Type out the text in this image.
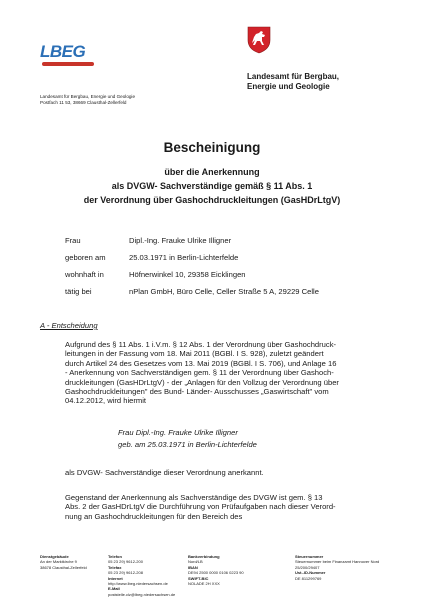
LBEG
Landesamt für Bergbau,
Energie und Geologie
Landesamt für Bergbau, Energie und Geologie
Postfach 11 53, 38669 Clausthal-Zellerfeld
Bescheinigung
über die Anerkennung
als DVGW- Sachverständige gemäß § 11 Abs. 1
der Verordnung über Gashochdruckleitungen (GasHDrLtgV)
Frau	Dipl.-Ing. Frauke Ulrike Illigner
geboren am	25.03.1971 in Berlin-Lichterfelde
wohnhaft in	Höfnerwinkel 10, 29358 Eicklingen
tätig bei	nPlan GmbH, Büro Celle, Celler Straße 5 A, 29229 Celle
A - Entscheidung
Aufgrund des § 11 Abs. 1 i.V.m. § 12 Abs. 1 der Verordnung über Gashochdruck-
leitungen in der Fassung vom 18. Mai 2011 (BGBl. I S. 928), zuletzt geändert
durch Artikel 24 des Gesetzes vom 13. Mai 2019 (BGBl. I S. 706), und Anlage 16
- Anerkennung von Sachverständigen gem. § 11 der Verordnung über Gashoch-
druckleitungen (GasHDrLtgV) - der „Anlagen für den Vollzug der Verordnung über
Gashochdruckleitungen" des Bund- Länder- Ausschusses „Gaswirtschaft" vom
04.12.2012, wird hiermit
Frau Dipl.-Ing. Frauke Ulrike Illigner
geb. am 25.03.1971 in Berlin-Lichterfelde
als DVGW- Sachverständige dieser Verordnung anerkannt.
Gegenstand der Anerkennung als Sachverständige des DVGW ist gem. § 13
Abs. 2 der GasHDrLtgV die Durchführung von Prüfaufgaben nach dieser Verord-
nung an Gashochdruckleitungen für den Bereich des
Dienstgebäude
An der Marktkirche 9
38678 Clausthal-Zellerfeld
Telefon
05 23 29) 9612-200
Telefax
05 23 29) 9612-208
Internet
http://www.lbeg.niedersachsen.de
E-Mail
poststelle.clz@lbeg.niedersachsen.de
Bankverbindung
Nord/LB
IBAN
DE94 2500 0000 0106 0223 90
SWIFT-BIC
NOLADE 2H XXX
Steuernummer
Steuernummer beim Finanzamt Hannover Nord
25/200/29407
Ust.-ID-Nummer
DE 811299769
